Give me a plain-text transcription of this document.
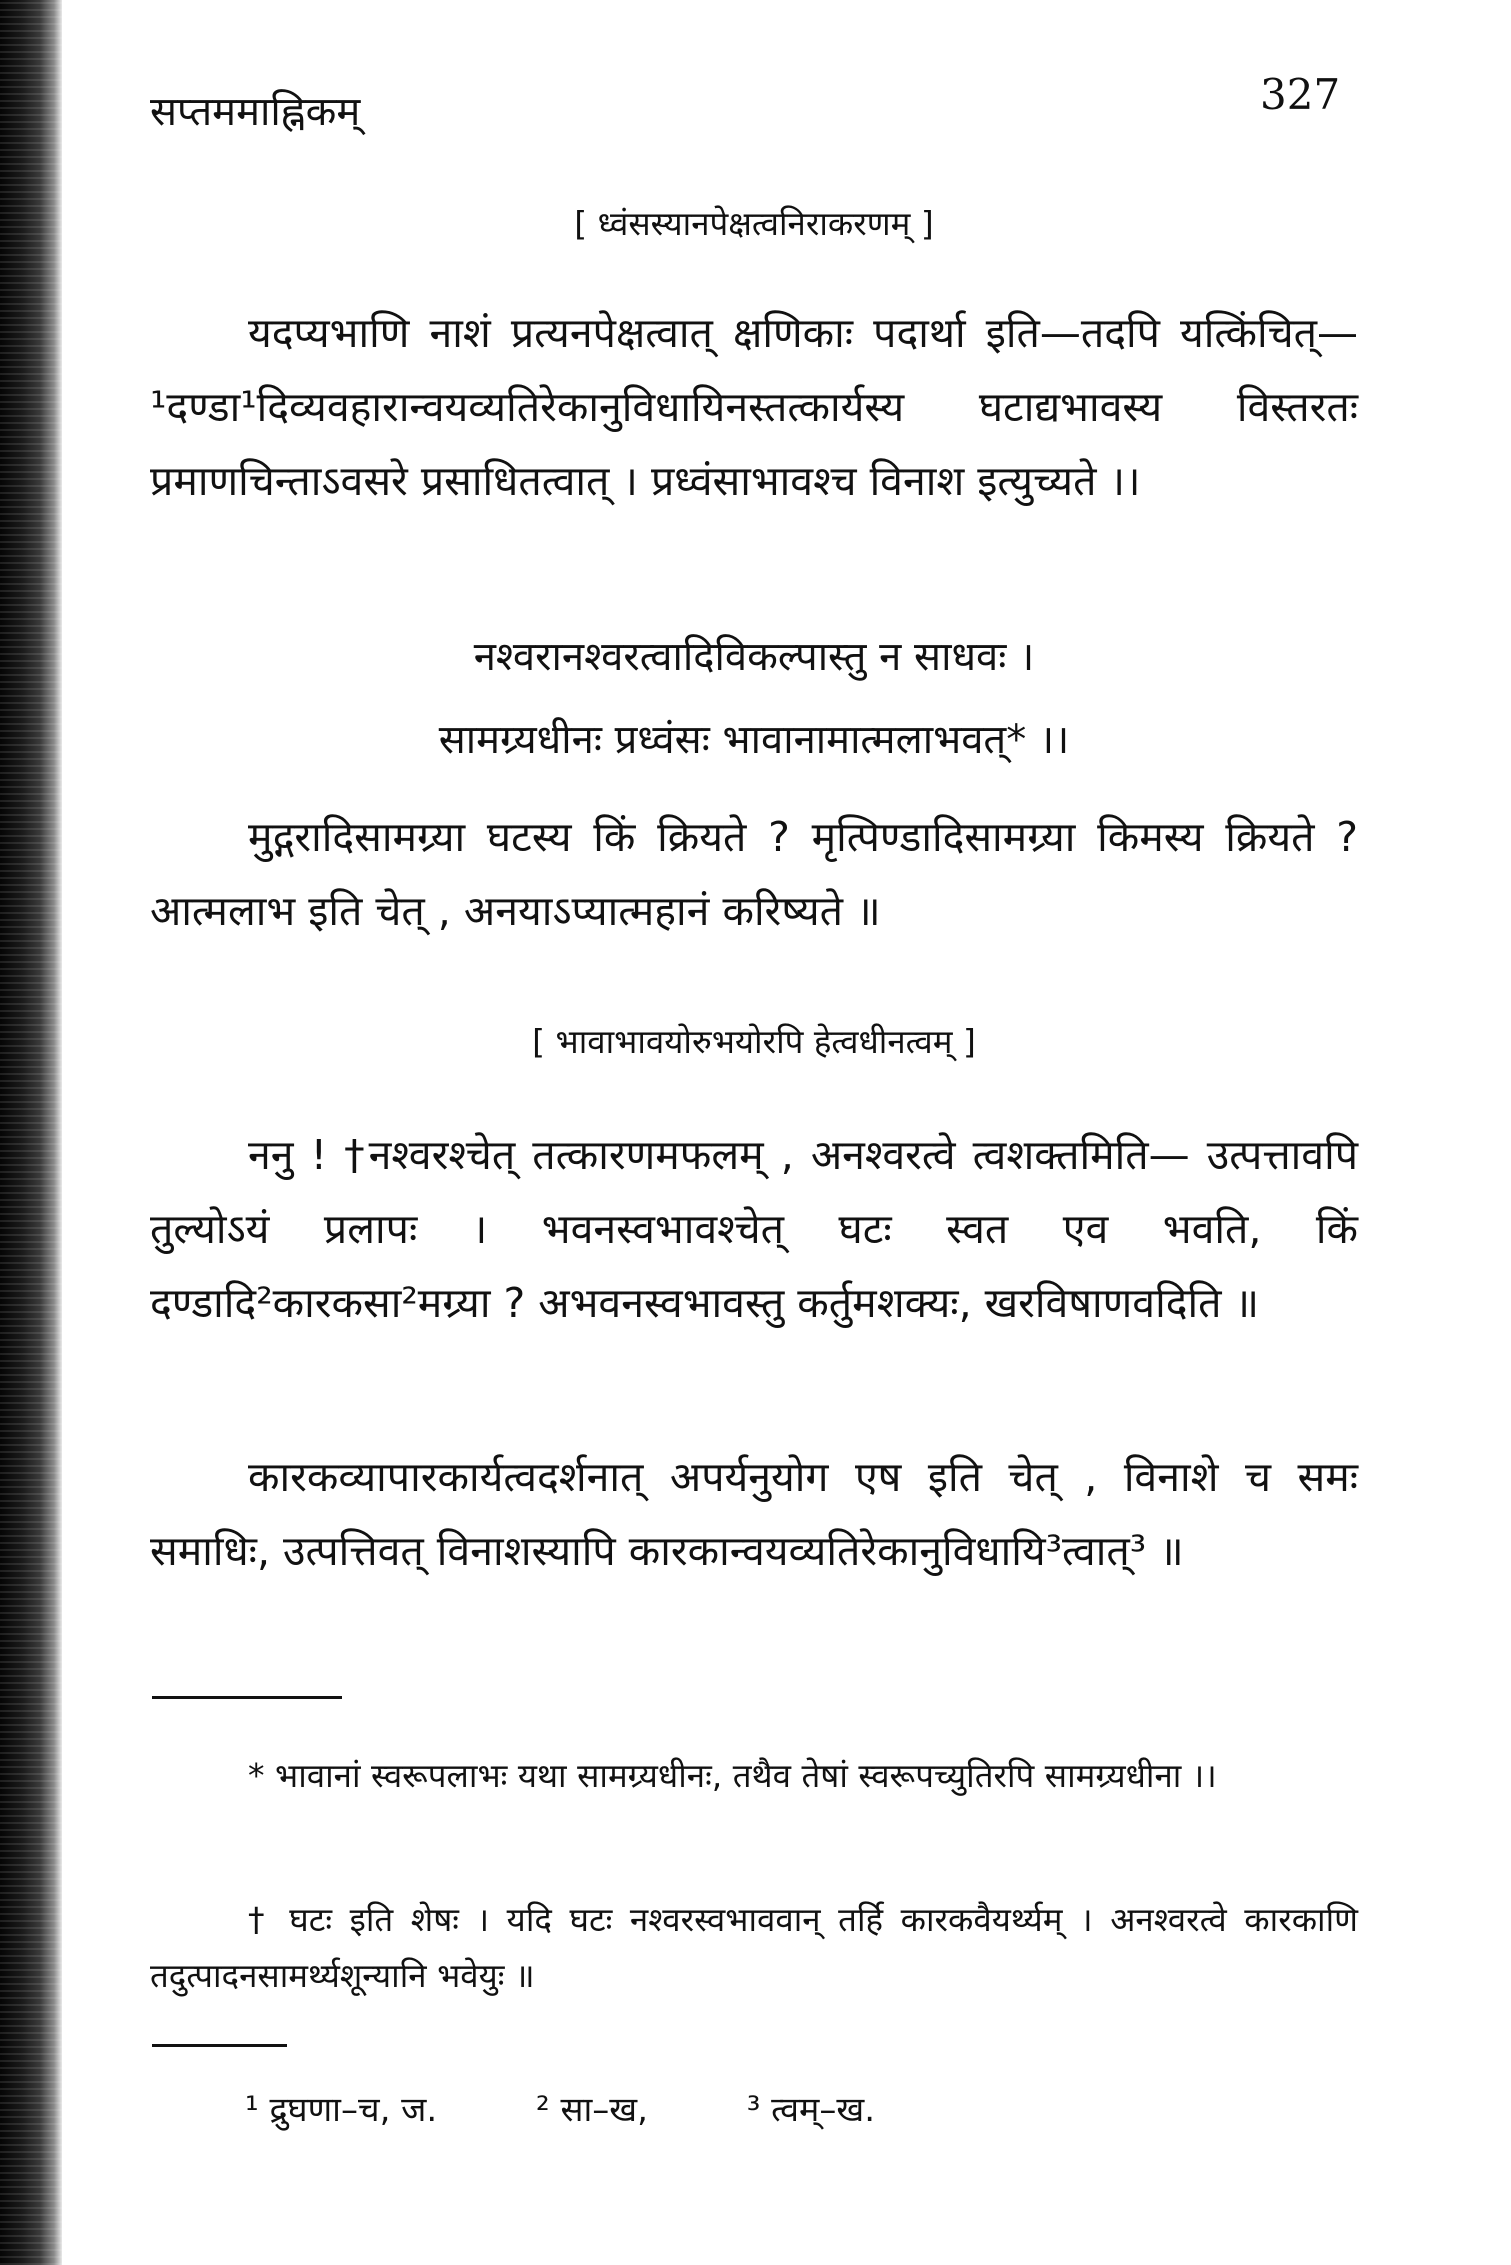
सप्तममाह्निकम्	327
[ ध्वंसस्यानपेक्षत्वनिराकरणम् ]

यदप्यभाणि नाशं प्रत्यनपेक्षत्वात् क्षणिकाः पदार्था इति—तदपि यत्किंचित्—¹दण्डा¹दिव्यवहारान्वयव्यतिरेकानुविधायिनस्तत्कार्यस्य घटाद्यभावस्य विस्तरतः प्रमाणचिन्ताऽवसरे प्रसाधितत्वात् । प्रध्वंसाभावश्च विनाश इत्युच्यते ।।

नश्वरानश्वरत्वादिविकल्पास्तु न साधवः ।
सामग्र्यधीनः प्रध्वंसः भावानामात्मलाभवत्* ।।

मुद्गरादिसामग्र्या घटस्य किं क्रियते ? मृत्पिण्डादिसामग्र्या किमस्य क्रियते ? आत्मलाभ इति चेत् , अनयाऽप्यात्महानं करिष्यते ॥

[ भावाभावयोरुभयोरपि हेत्वधीनत्वम् ]

ननु ! †नश्वरश्चेत् तत्कारणमफलम् , अनश्वरत्वे त्वशक्तमिति— उत्पत्तावपि तुल्योऽयं प्रलापः । भवनस्वभावश्चेत् घटः स्वत एव भवति, किं दण्डादि²कारकसा²मग्र्या ? अभवनस्वभावस्तु कर्तुमशक्यः, खरविषाणवदिति ॥

कारकव्यापारकार्यत्वदर्शनात् अपर्यनुयोग एष इति चेत् , विनाशे च समः समाधिः, उत्पत्तिवत् विनाशस्यापि कारकान्वयव्यतिरेकानुविधायि³त्वात्³ ॥

* भावानां स्वरूपलाभः यथा सामग्र्यधीनः, तथैव तेषां स्वरूपच्युतिरपि सामग्र्यधीना ।।

† घटः इति शेषः । यदि घटः नश्वरस्वभाववान् तर्हि कारकवैयर्थ्यम् । अनश्वरत्वे कारकाणि तदुत्पादनसामर्थ्यशून्यानि भवेयुः ॥

¹ द्रुघणा–च, ज.	² सा–ख,	³ त्वम्–ख.
